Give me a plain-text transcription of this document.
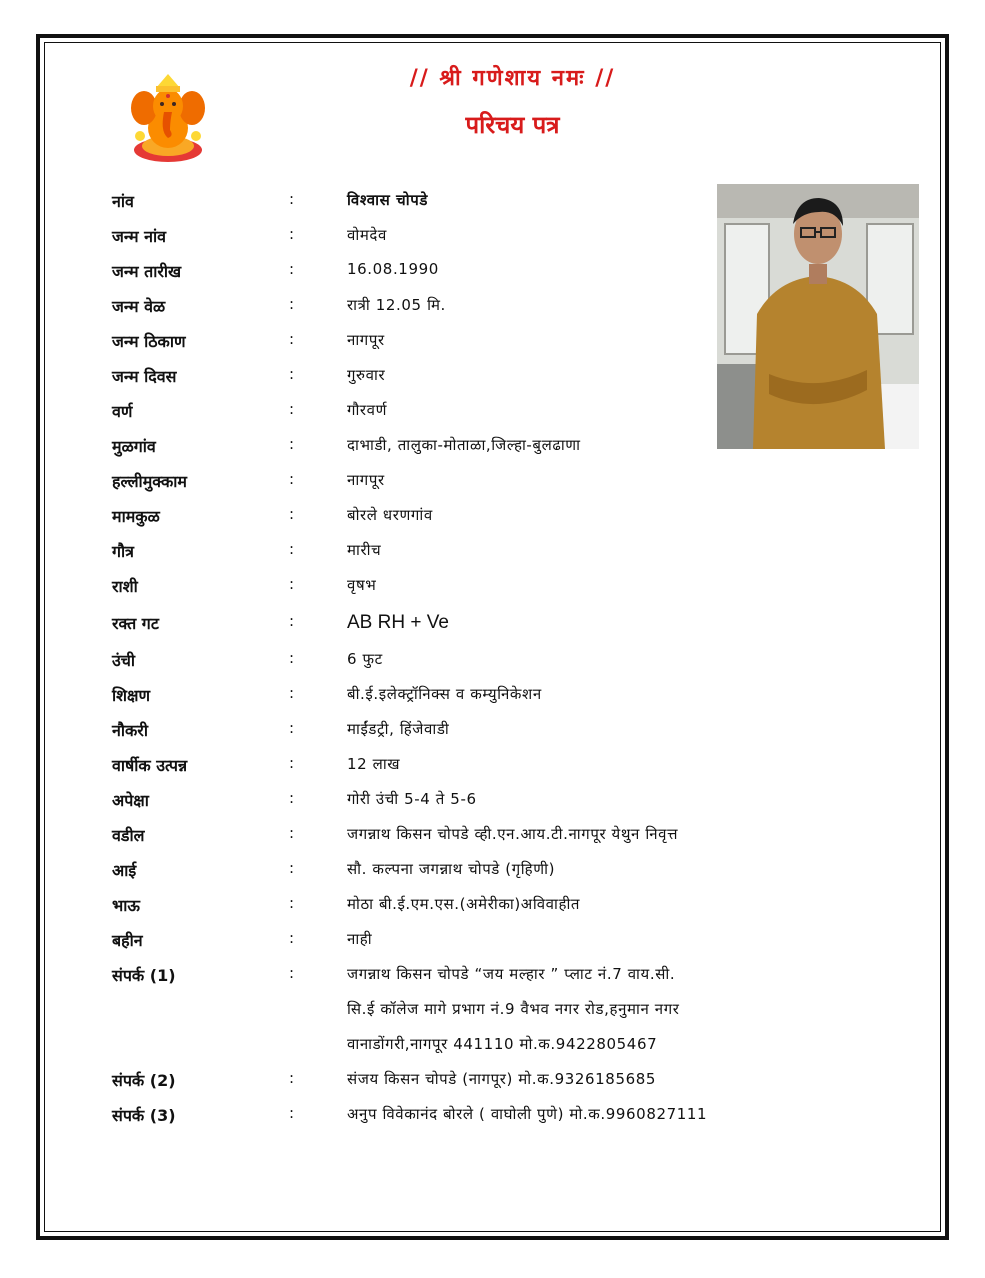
// श्री गणेशाय नमः //
परिचय पत्र
नांव	:	विश्वास चोपडे
जन्म नांव	:	वोमदेव
जन्म तारीख	:	16.08.1990
जन्म वेळ	:	रात्री 12.05 मि.
जन्म ठिकाण	:	नागपूर
जन्म दिवस	:	गुरुवार
वर्ण	:	गौरवर्ण
मुळगांव	:	दाभाडी, तालुका-मोताळा,जिल्हा-बुलढाणा
हल्लीमुक्काम	:	नागपूर
मामकुळ	:	बोरले धरणगांव
गौत्र	:	मारीच
राशी	:	वृषभ
रक्त गट	:	AB RH + Ve
उंची	:	6 फुट
शिक्षण	:	बी.ई.इलेक्ट्रॉनिक्स व कम्युनिकेशन
नौकरी	:	माईंडट्री, हिंजेवाडी
वार्षीक उत्पन्न	:	12 लाख
अपेक्षा	:	गोरी उंची 5-4 ते 5-6
वडील	:	जगन्नाथ किसन चोपडे व्ही.एन.आय.टी.नागपूर येथुन निवृत्त
आई	:	सौ. कल्पना जगन्नाथ चोपडे (गृहिणी)
भाऊ	:	मोठा बी.ई.एम.एस.(अमेरीका)अविवाहीत
बहीन	:	नाही
संपर्क (1)	:	जगन्नाथ किसन चोपडे “जय मल्हार ” प्लाट नं.7 वाय.सी.
सि.ई कॉलेज मागे प्रभाग नं.9 वैभव नगर रोड,हनुमान नगर
वानाडोंगरी,नागपूर 441110 मो.क.9422805467
संपर्क (2)	:	संजय किसन चोपडे (नागपूर) मो.क.9326185685
संपर्क (3)	:	अनुप विवेकानंद बोरले ( वाघोली पुणे) मो.क.9960827111
